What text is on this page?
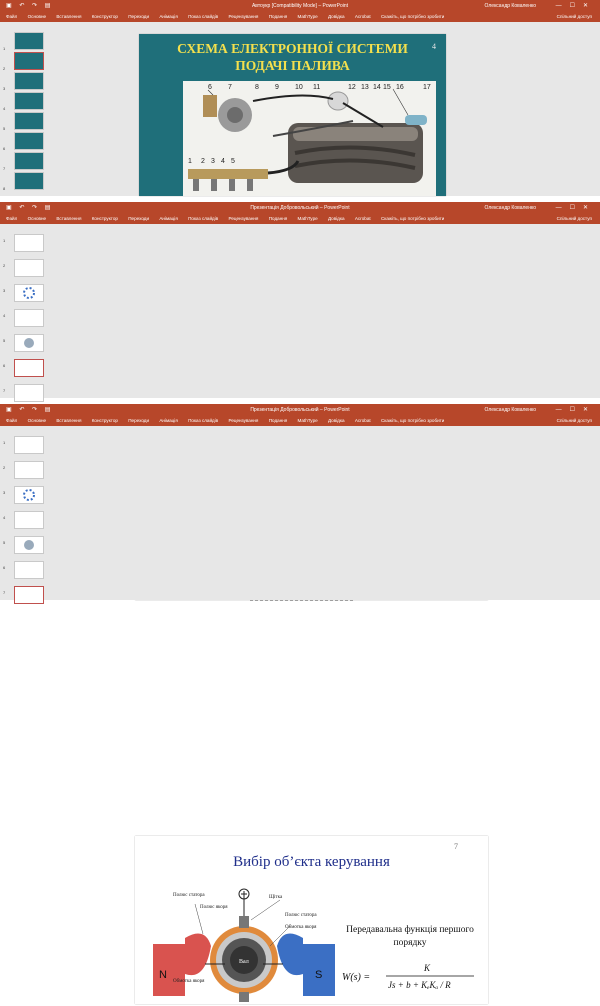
▣ ↶ ↷ ▤	Автоукр [Compatibility Mode] – PowerPoint	Олександр Коваленко	—☐✕
Файл Основне Вставлення Конструктор Переходи Анімація Показ слайдів Рецензування Подання MathType Довідка Acrobat Скажіть, що потрібно зробити	Спільний доступ
1
2
3
4
5
6
7
8
СХЕМА ЕЛЕКТРОННОЇ СИСТЕМИ
ПОДАЧІ ПАЛИВА
4
6 7	8 9 10 11	12 13 14 15 16	17
1 2 3 4 5
▣ ↶ ↷ ▤	Презентація Добровольський – PowerPoint	Олександр Коваленко	—☐✕
Файл Основне Вставлення Конструктор Переходи Анімація Показ слайдів Рецензування Подання MathType Довідка Acrobat Скажіть, що потрібно зробити	Спільний доступ
1
2
3
4
5
6
7
▣ ↶ ↷ ▤	Презентація Добровольський – PowerPoint	Олександр Коваленко	—☐✕
Файл Основне Вставлення Конструктор Переходи Анімація Показ слайдів Рецензування Подання MathType Довідка Acrobat Скажіть, що потрібно зробити	Спільний доступ
1
2
3
4
5
6
7
Вибір об’єкта керування
7
Полюс статора
Полюс якоря
Щітка
Обмотка якоря
Полюс статора
Обмотка якоря
Вал
N	S
Передавальна функція першого порядку
W(s) =
K
Js + b + KₑKₐ / R
